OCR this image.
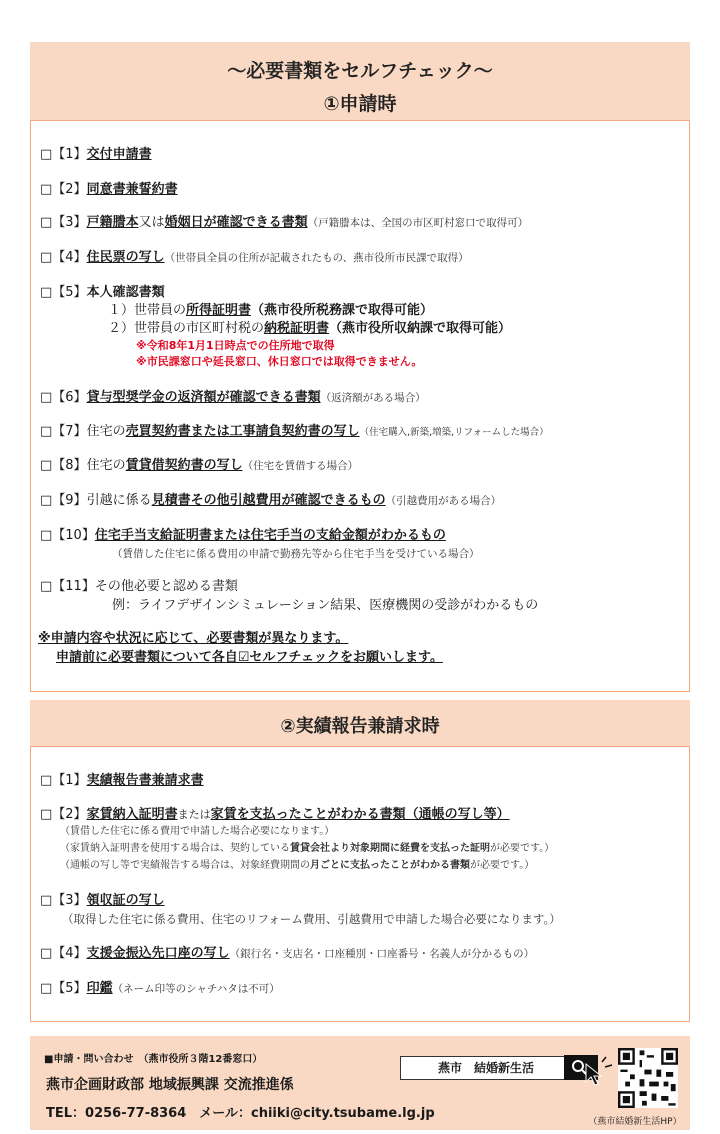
〜必要書類をセルフチェック〜
①申請時
□【1】交付申請書
□【2】同意書兼誓約書
□【3】戸籍謄本又は婚姻日が確認できる書類（戸籍謄本は、全国の市区町村窓口で取得可）
□【4】住民票の写し（世帯員全員の住所が記載されたもの、燕市役所市民課で取得）
□【5】本人確認書類
１）世帯員の所得証明書（燕市役所税務課で取得可能）
２）世帯員の市区町村税の納税証明書（燕市役所収納課で取得可能）
※令和8年1月1日時点での住所地で取得
※市民課窓口や延長窓口、休日窓口では取得できません。
□【6】貸与型奨学金の返済額が確認できる書類（返済額がある場合）
□【7】住宅の売買契約書または工事請負契約書の写し（住宅購入,新築,増築,リフォームした場合）
□【8】住宅の賃貸借契約書の写し（住宅を賃借する場合）
□【9】引越に係る見積書その他引越費用が確認できるもの（引越費用がある場合）
□【10】住宅手当支給証明書または住宅手当の支給金額がわかるもの
（賃借した住宅に係る費用の申請で勤務先等から住宅手当を受けている場合）
□【11】その他必要と認める書類
例：ライフデザインシミュレーション結果、医療機関の受診がわかるもの
※申請内容や状況に応じて、必要書類が異なります。
申請前に必要書類について各自☑セルフチェックをお願いします。
②実績報告兼請求時
□【1】実績報告書兼請求書
□【2】家賃納入証明書または家賃を支払ったことがわかる書類（通帳の写し等）
（賃借した住宅に係る費用で申請した場合必要になります。）
（家賃納入証明書を使用する場合は、契約している賃貸会社より対象期間に経費を支払った証明が必要です。）
（通帳の写し等で実績報告する場合は、対象経費期間の月ごとに支払ったことがわかる書類が必要です。）
□【3】領収証の写し
（取得した住宅に係る費用、住宅のリフォーム費用、引越費用で申請した場合必要になります。）
□【4】支援金振込先口座の写し（銀行名・支店名・口座種別・口座番号・名義人が分かるもの）
□【5】印鑑（ネーム印等のシャチハタは不可）
■申請・問い合わせ　（燕市役所３階12番窓口）
燕市企画財政部 地域振興課 交流推進係
TEL：0256-77-8364　メール：chiiki@city.tsubame.lg.jp
燕市　結婚新生活
（燕市結婚新生活HP）
